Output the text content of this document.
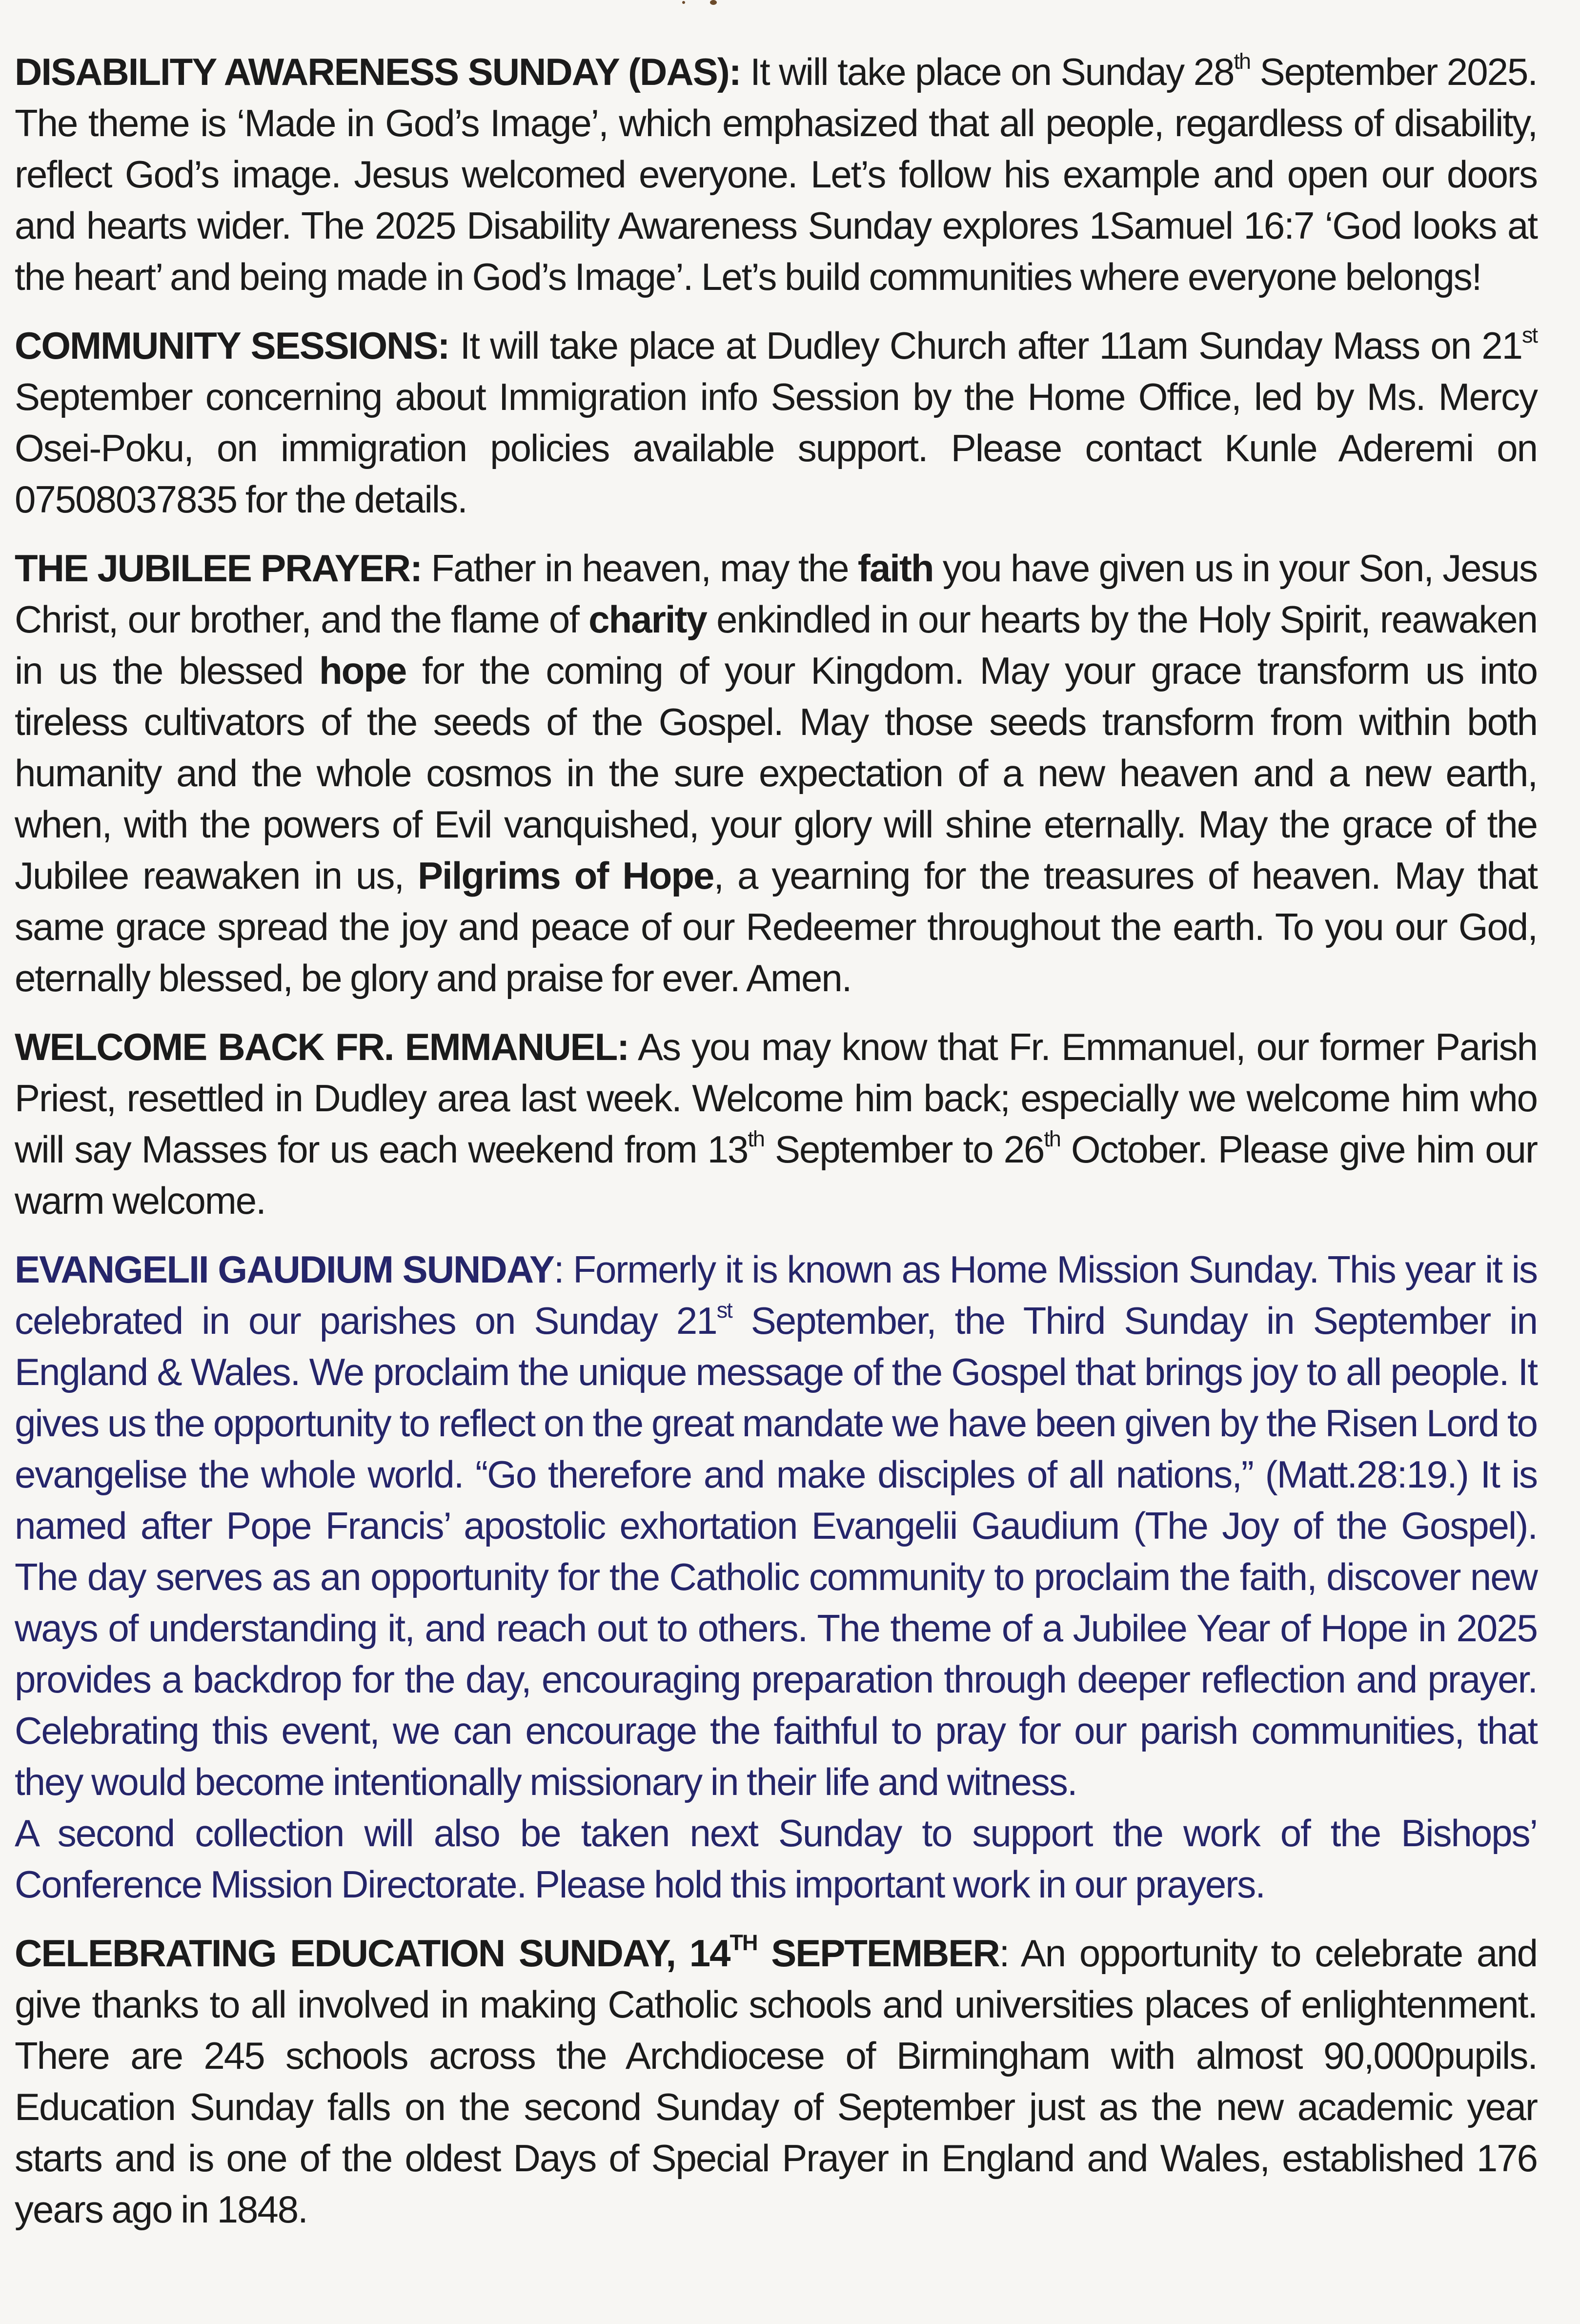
DISABILITY AWARENESS SUNDAY (DAS): It will take place on Sunday 28th September 2025. The theme is ‘Made in God’s Image’, which emphasized that all people, regardless of disability, reflect God’s image. Jesus welcomed everyone. Let’s follow his example and open our doors and hearts wider. The 2025 Disability Awareness Sunday explores 1Samuel 16:7 ‘God looks at the heart’ and being made in God’s Image’. Let’s build communities where everyone belongs!

COMMUNITY SESSIONS: It will take place at Dudley Church after 11am Sunday Mass on 21st September concerning about Immigration info Session by the Home Office, led by Ms. Mercy Osei-Poku, on immigration policies available support. Please contact Kunle Aderemi on 07508037835 for the details.

THE JUBILEE PRAYER: Father in heaven, may the faith you have given us in your Son, Jesus Christ, our brother, and the flame of charity enkindled in our hearts by the Holy Spirit, reawaken in us the blessed hope for the coming of your Kingdom. May your grace transform us into tireless cultivators of the seeds of the Gospel. May those seeds transform from within both humanity and the whole cosmos in the sure expectation of a new heaven and a new earth, when, with the powers of Evil vanquished, your glory will shine eternally. May the grace of the Jubilee reawaken in us, Pilgrims of Hope, a yearning for the treasures of heaven. May that same grace spread the joy and peace of our Redeemer throughout the earth. To you our God, eternally blessed, be glory and praise for ever. Amen.

WELCOME BACK FR. EMMANUEL: As you may know that Fr. Emmanuel, our former Parish Priest, resettled in Dudley area last week. Welcome him back; especially we welcome him who will say Masses for us each weekend from 13th September to 26th October. Please give him our warm welcome.

EVANGELII GAUDIUM SUNDAY: Formerly it is known as Home Mission Sunday. This year it is celebrated in our parishes on Sunday 21st September, the Third Sunday in September in England & Wales. We proclaim the unique message of the Gospel that brings joy to all people. It gives us the opportunity to reflect on the great mandate we have been given by the Risen Lord to evangelise the whole world. “Go therefore and make disciples of all nations,” (Matt.28:19.) It is named after Pope Francis’ apostolic exhortation Evangelii Gaudium (The Joy of the Gospel). The day serves as an opportunity for the Catholic community to proclaim the faith, discover new ways of understanding it, and reach out to others. The theme of a Jubilee Year of Hope in 2025 provides a backdrop for the day, encouraging preparation through deeper reflection and prayer. Celebrating this event, we can encourage the faithful to pray for our parish communities, that they would become intentionally missionary in their life and witness.

A second collection will also be taken next Sunday to support the work of the Bishops’ Conference Mission Directorate. Please hold this important work in our prayers.

CELEBRATING EDUCATION SUNDAY, 14TH SEPTEMBER: An opportunity to celebrate and give thanks to all involved in making Catholic schools and universities places of enlightenment. There are 245 schools across the Archdiocese of Birmingham with almost 90,000pupils. Education Sunday falls on the second Sunday of September just as the new academic year starts and is one of the oldest Days of Special Prayer in England and Wales, established 176 years ago in 1848.
